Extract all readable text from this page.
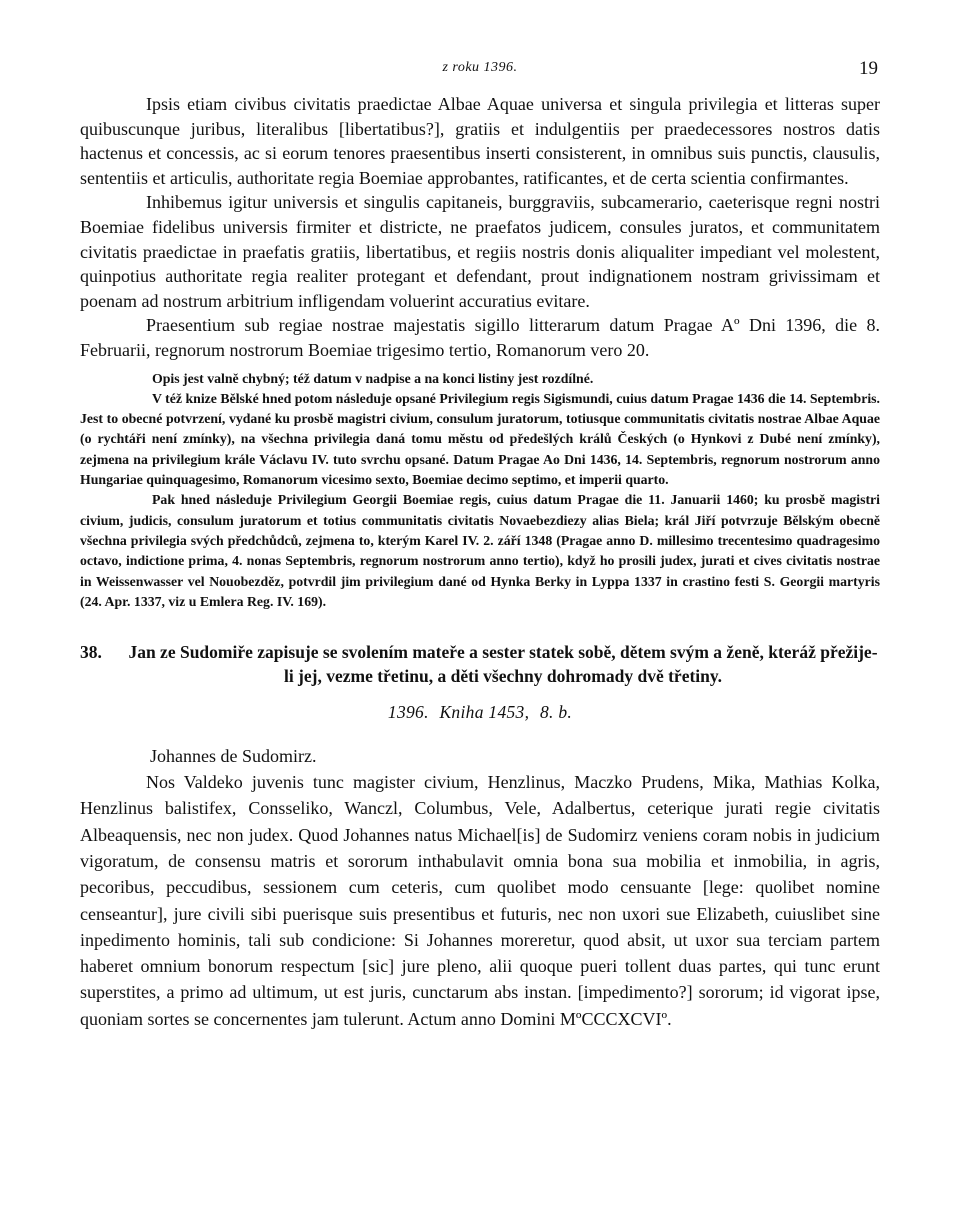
z roku 1396.	19

Ipsis etiam civibus civitatis praedictae Albae Aquae universa et singula privilegia et litteras super quibuscunque juribus, literalibus [libertatibus?], gratiis et indulgentiis per praedecessores nostros datis hactenus et concessis, ac si eorum tenores praesentibus inserti consisterent, in omnibus suis punctis, clausulis, sententiis et articulis, authoritate regia Boemiae approbantes, ratificantes, et de certa scientia confirmantes.

Inhibemus igitur universis et singulis capitaneis, burggraviis, subcamerario, caeterisque regni nostri Boemiae fidelibus universis firmiter et districte, ne praefatos judicem, consules juratos, et communitatem civitatis praedictae in praefatis gratiis, libertatibus, et regiis nostris donis aliqualiter impediant vel molestent, quinpotius authoritate regia realiter protegant et defendant, prout indignationem nostram grivissimam et poenam ad nostrum arbitrium infligendam voluerint accuratius evitare.

Praesentium sub regiae nostrae majestatis sigillo litterarum datum Pragae Aº Dni 1396, die 8. Februarii, regnorum nostrorum Boemiae trigesimo tertio, Romanorum vero 20.

Opis jest valně chybný; též datum v nadpise a na konci listiny jest rozdílné.

V též knize Bělské hned potom následuje opsané Privilegium regis Sigismundi, cuius datum Pragae 1436 die 14. Septembris. Jest to obecné potvrzení, vydané ku prosbě magistri civium, consulum juratorum, totiusque communitatis civitatis nostrae Albae Aquae (o rychtáři není zmínky), na všechna privilegia daná tomu městu od předešlých králů Českých (o Hynkovi z Dubé není zmínky), zejmena na privilegium krále Václavu IV. tuto svrchu opsané. Datum Pragae Ao Dni 1436, 14. Septembris, regnorum nostrorum anno Hungariae quinquagesimo, Romanorum vicesimo sexto, Boemiae decimo septimo, et imperii quarto.

Pak hned následuje Privilegium Georgii Boemiae regis, cuius datum Pragae die 11. Januarii 1460; ku prosbě magistri civium, judicis, consulum juratorum et totius communitatis civitatis Novaebezdiezy alias Biela; král Jiří potvrzuje Bělským obecně všechna privilegia svých předchůdců, zejmena to, kterým Karel IV. 2. září 1348 (Pragae anno D. millesimo trecentesimo quadragesimo octavo, indictione prima, 4. nonas Septembris, regnorum nostrorum anno tertio), když ho prosili judex, jurati et cives civitatis nostrae in Weissenwasser vel Nouobezděz, potvrdil jim privilegium dané od Hynka Berky in Lyppa 1337 in crastino festi S. Georgii martyris (24. Apr. 1337, viz u Emlera Reg. IV. 169).

38.	Jan ze Sudomiře zapisuje se svolením mateře a sester statek sobě, dětem svým a ženě, kteráž přežije-li jej, vezme třetinu, a děti všechny dohromady dvě třetiny.
1396. Kniha 1453, 8. b.

Johannes de Sudomirz.

Nos Valdeko juvenis tunc magister civium, Henzlinus, Maczko Prudens, Mika, Mathias Kolka, Henzlinus balistifex, Consseliko, Wanczl, Columbus, Vele, Adalbertus, ceterique jurati regie civitatis Albeaquensis, nec non judex. Quod Johannes natus Michael[is] de Sudomirz veniens coram nobis in judicium vigoratum, de consensu matris et sororum inthabulavit omnia bona sua mobilia et inmobilia, in agris, pecoribus, peccudibus, sessionem cum ceteris, cum quolibet modo censuante [lege: quolibet nomine censeantur], jure civili sibi puerisque suis presentibus et futuris, nec non uxori sue Elizabeth, cuiuslibet sine inpedimento hominis, tali sub condicione: Si Johannes moreretur, quod absit, ut uxor sua terciam partem haberet omnium bonorum respectum [sic] jure pleno, alii quoque pueri tollent duas partes, qui tunc erunt superstites, a primo ad ultimum, ut est juris, cunctarum abs instan. [impedimento?] sororum; id vigorat ipse, quoniam sortes se concernentes jam tulerunt. Actum anno Domini MºCCCXCVIº.
